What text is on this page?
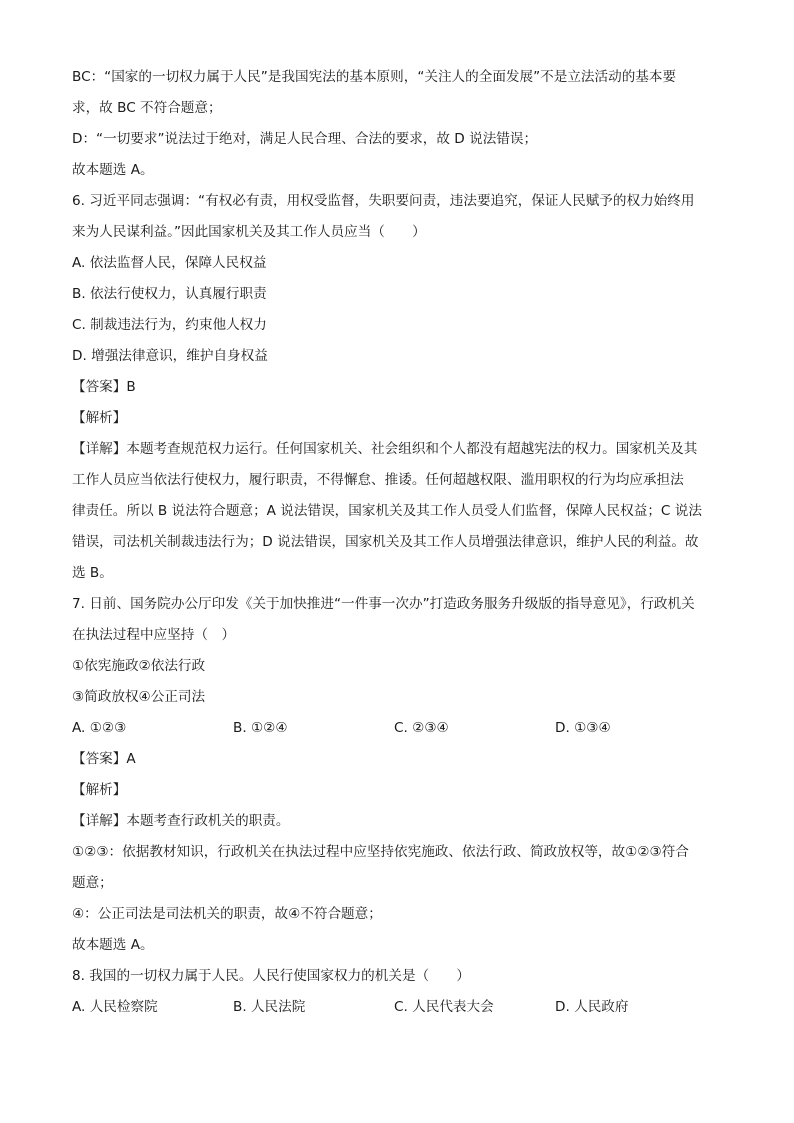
BC：“国家的一切权力属于人民”是我国宪法的基本原则，“关注人的全面发展”不是立法活动的基本要
求，故 BC 不符合题意；
D：“一切要求”说法过于绝对，满足人民合理、合法的要求，故 D 说法错误；
故本题选 A。
6. 习近平同志强调：“有权必有责，用权受监督，失职要问责，违法要追究，保证人民赋予的权力始终用
来为人民谋利益。”因此国家机关及其工作人员应当（　　）
A. 依法监督人民，保障人民权益
B. 依法行使权力，认真履行职责
C. 制裁违法行为，约束他人权力
D. 增强法律意识，维护自身权益
【答案】B
【解析】
【详解】本题考查规范权力运行。任何国家机关、社会组织和个人都没有超越宪法的权力。国家机关及其
工作人员应当依法行使权力，履行职责，不得懈怠、推诿。任何超越权限、滥用职权的行为均应承担法
律责任。所以 B 说法符合题意；A 说法错误，国家机关及其工作人员受人们监督，保障人民权益；C 说法
错误，司法机关制裁违法行为；D 说法错误，国家机关及其工作人员增强法律意识，维护人民的利益。故
选 B。
7. 日前、国务院办公厅印发《关于加快推进“一件事一次办”打造政务服务升级版的指导意见》，行政机关
在执法过程中应坚持（　）
①依宪施政②依法行政
③简政放权④公正司法
A. ①②③	B. ①②④	C. ②③④	D. ①③④
【答案】A
【解析】
【详解】本题考查行政机关的职责。
①②③：依据教材知识，行政机关在执法过程中应坚持依宪施政、依法行政、简政放权等，故①②③符合
题意；
④：公正司法是司法机关的职责，故④不符合题意；
故本题选 A。
8. 我国的一切权力属于人民。人民行使国家权力的机关是（　　）
A. 人民检察院	B. 人民法院	C. 人民代表大会	D. 人民政府
